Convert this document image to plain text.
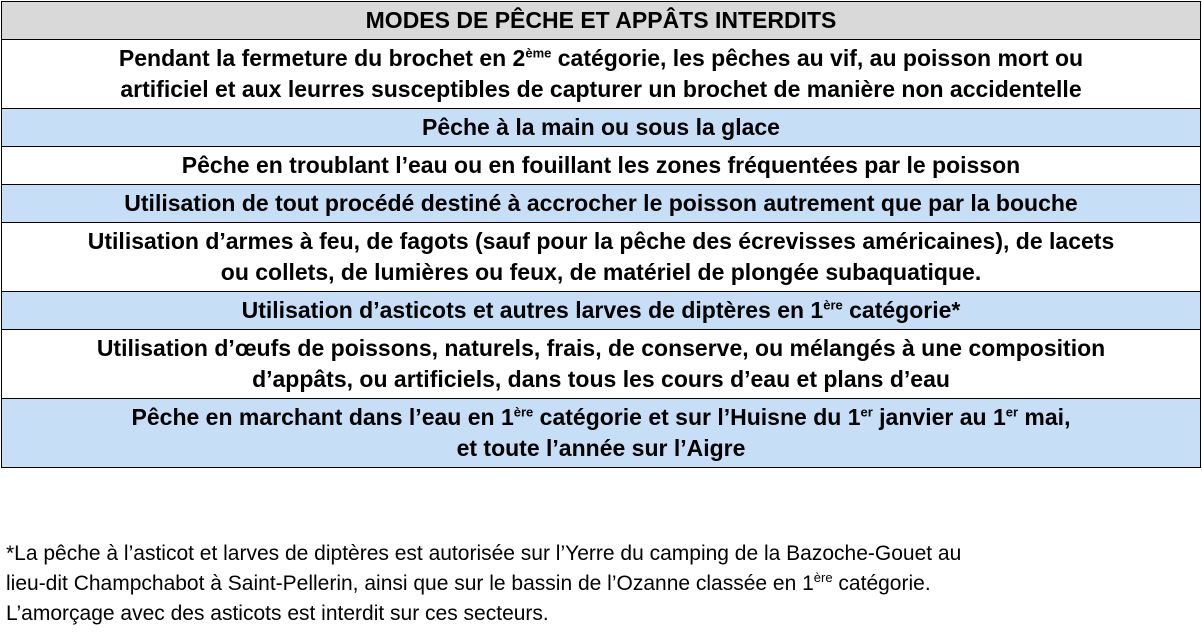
MODES DE PÊCHE ET APPÂTS INTERDITS

Pendant la fermeture du brochet en 2ème catégorie, les pêches au vif, au poisson mort ou
artificiel et aux leurres susceptibles de capturer un brochet de manière non accidentelle

Pêche à la main ou sous la glace

Pêche en troublant l’eau ou en fouillant les zones fréquentées par le poisson

Utilisation de tout procédé destiné à accrocher le poisson autrement que par la bouche

Utilisation d’armes à feu, de fagots (sauf pour la pêche des écrevisses américaines), de lacets
ou collets, de lumières ou feux, de matériel de plongée subaquatique.

Utilisation d’asticots et autres larves de diptères en 1ère catégorie*

Utilisation d’œufs de poissons, naturels, frais, de conserve, ou mélangés à une composition
d’appâts, ou artificiels, dans tous les cours d’eau et plans d’eau

Pêche en marchant dans l’eau en 1ère catégorie et sur l’Huisne du 1er janvier au 1er mai,
et toute l’année sur l’Aigre
*La pêche à l’asticot et larves de diptères est autorisée sur l’Yerre du camping de la Bazoche-Gouet au
lieu-dit Champchabot à Saint-Pellerin, ainsi que sur le bassin de l’Ozanne classée en 1ère catégorie.
L’amorçage avec des asticots est interdit sur ces secteurs.
